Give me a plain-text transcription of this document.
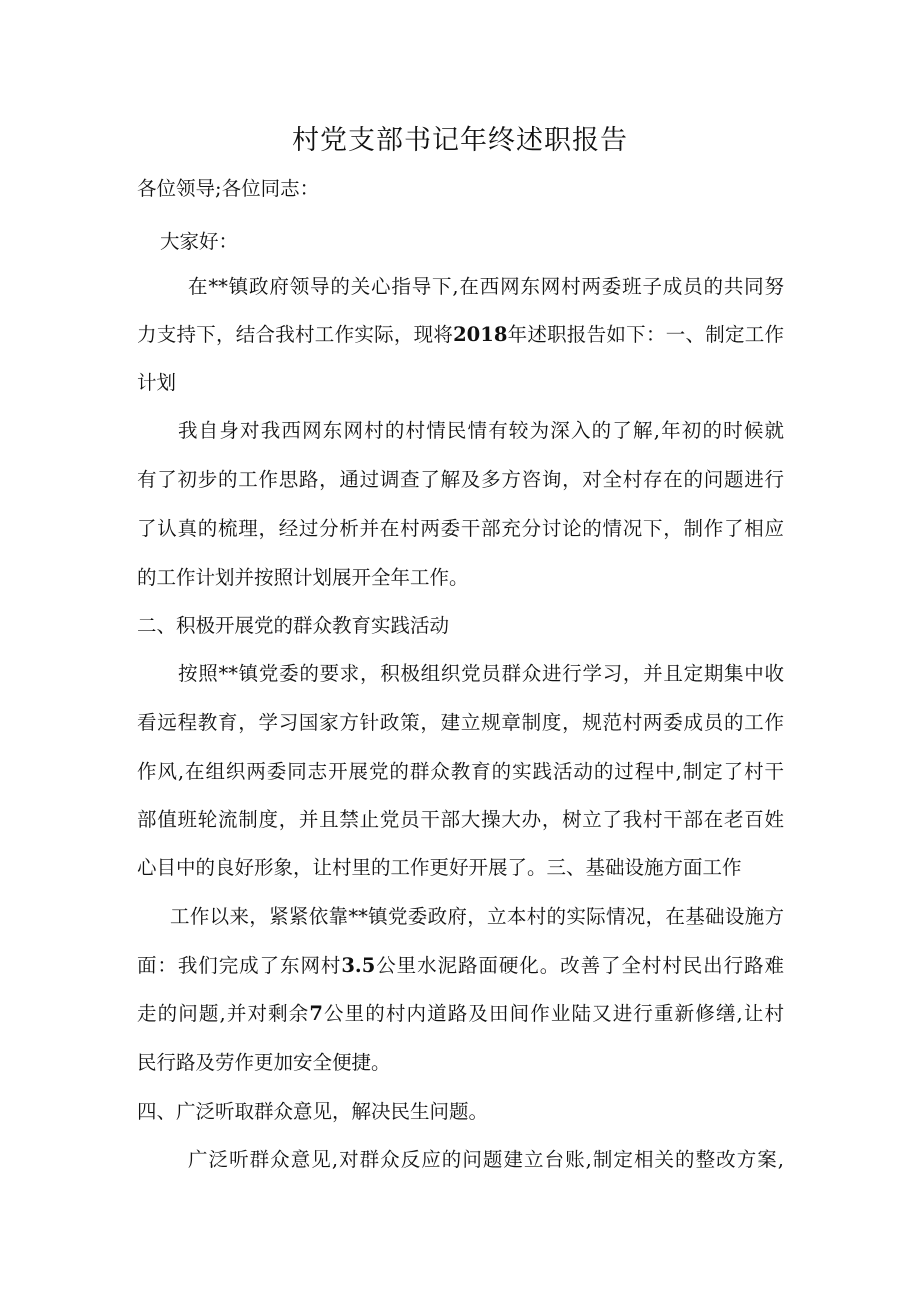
村党支部书记年终述职报告

各位领导;各位同志：

大家好：

在**镇政府领导的关心指导下,在西网东网村两委班子成员的共同努

力支持下，结合我村工作实际，现将2018年述职报告如下：一、制定工作

计划

我自身对我西网东网村的村情民情有较为深入的了解,年初的时候就

有了初步的工作思路，通过调查了解及多方咨询，对全村存在的问题进行

了认真的梳理，经过分析并在村两委干部充分讨论的情况下，制作了相应

的工作计划并按照计划展开全年工作。

二、积极开展党的群众教育实践活动

按照**镇党委的要求，积极组织党员群众进行学习，并且定期集中收

看远程教育，学习国家方针政策，建立规章制度，规范村两委成员的工作

作风,在组织两委同志开展党的群众教育的实践活动的过程中,制定了村干

部值班轮流制度，并且禁止党员干部大操大办，树立了我村干部在老百姓

心目中的良好形象，让村里的工作更好开展了。三、基础设施方面工作

工作以来，紧紧依靠**镇党委政府，立本村的实际情况，在基础设施方

面：我们完成了东网村3.5公里水泥路面硬化。改善了全村村民出行路难

走的问题,并对剩余7公里的村内道路及田间作业陆又进行重新修缮,让村

民行路及劳作更加安全便捷。

四、广泛听取群众意见，解决民生问题。

广泛听群众意见,对群众反应的问题建立台账,制定相关的整改方案,
